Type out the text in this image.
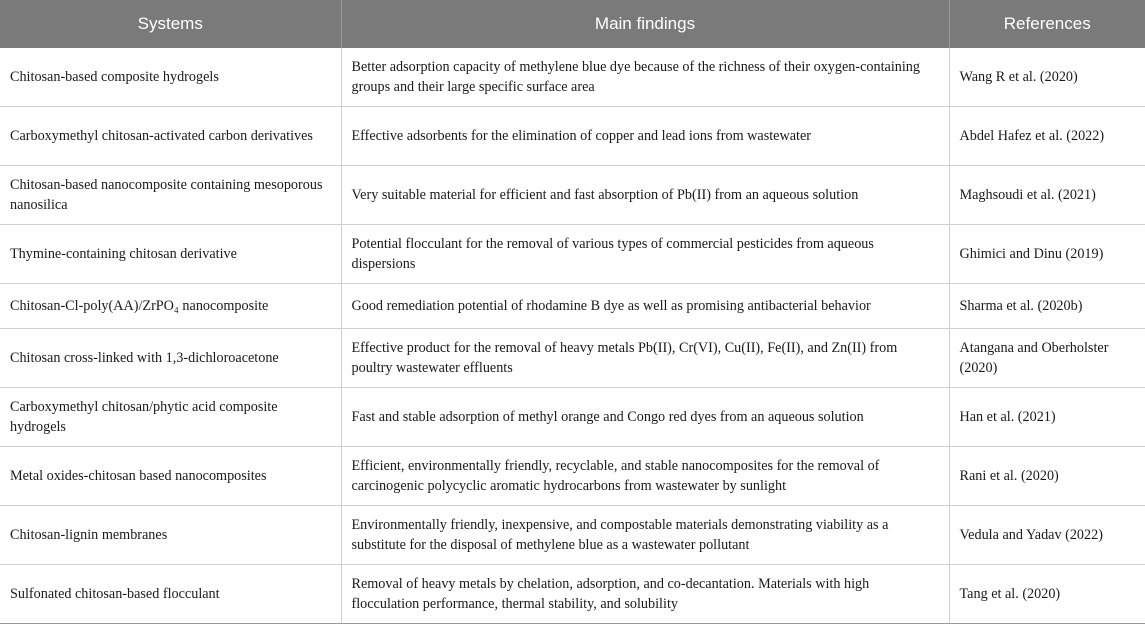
Systems	Main findings	References
Chitosan-based composite hydrogels	Better adsorption capacity of methylene blue dye because of the richness of their oxygen-containing groups and their large specific surface area	Wang R et al. (2020)
Carboxymethyl chitosan-activated carbon derivatives	Effective adsorbents for the elimination of copper and lead ions from wastewater	Abdel Hafez et al. (2022)
Chitosan-based nanocomposite containing mesoporous nanosilica	Very suitable material for efficient and fast absorption of Pb(II) from an aqueous solution	Maghsoudi et al. (2021)
Thymine-containing chitosan derivative	Potential flocculant for the removal of various types of commercial pesticides from aqueous dispersions	Ghimici and Dinu (2019)
Chitosan-Cl-poly(AA)/ZrPO₄ nanocomposite	Good remediation potential of rhodamine B dye as well as promising antibacterial behavior	Sharma et al. (2020b)
Chitosan cross-linked with 1,3-dichloroacetone	Effective product for the removal of heavy metals Pb(II), Cr(VI), Cu(II), Fe(II), and Zn(II) from poultry wastewater effluents	Atangana and Oberholster (2020)
Carboxymethyl chitosan/phytic acid composite hydrogels	Fast and stable adsorption of methyl orange and Congo red dyes from an aqueous solution	Han et al. (2021)
Metal oxides-chitosan based nanocomposites	Efficient, environmentally friendly, recyclable, and stable nanocomposites for the removal of carcinogenic polycyclic aromatic hydrocarbons from wastewater by sunlight	Rani et al. (2020)
Chitosan-lignin membranes	Environmentally friendly, inexpensive, and compostable materials demonstrating viability as a substitute for the disposal of methylene blue as a wastewater pollutant	Vedula and Yadav (2022)
Sulfonated chitosan-based flocculant	Removal of heavy metals by chelation, adsorption, and co-decantation. Materials with high flocculation performance, thermal stability, and solubility	Tang et al. (2020)
